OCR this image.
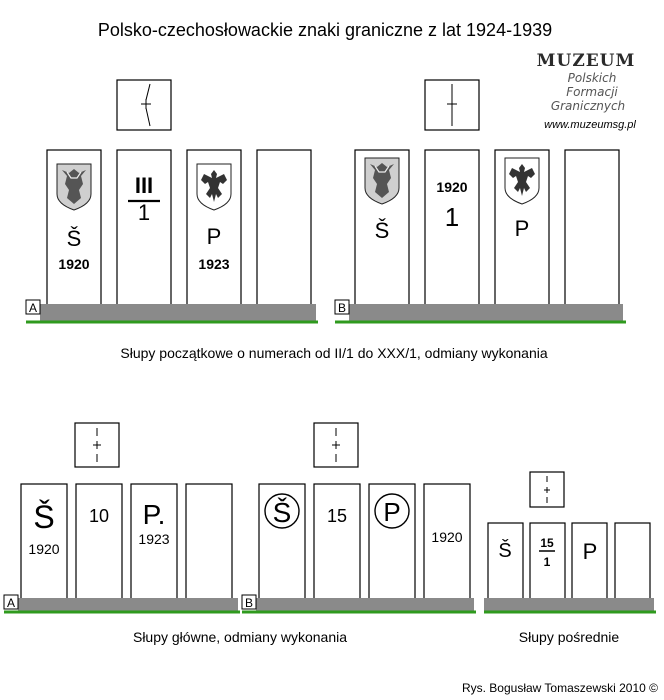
Polsko-czechosłowackie znaki graniczne z lat 1924-1939
MUZEUM
Polskich
Formacji
Granicznych
www.muzeumsg.pl
A
Š
1920
III
1
P
1923
B
Š
1920
1	P
Słupy początkowe o numerach od II/1 do XXX/1, odmiany wykonania
A
Š
1920
10 P.
1923
B
Š 15 P
1920
Słupy główne, odmiany wykonania
Š 15
1 P
Słupy pośrednie
Rys. Bogusław Tomaszewski 2010 ©
